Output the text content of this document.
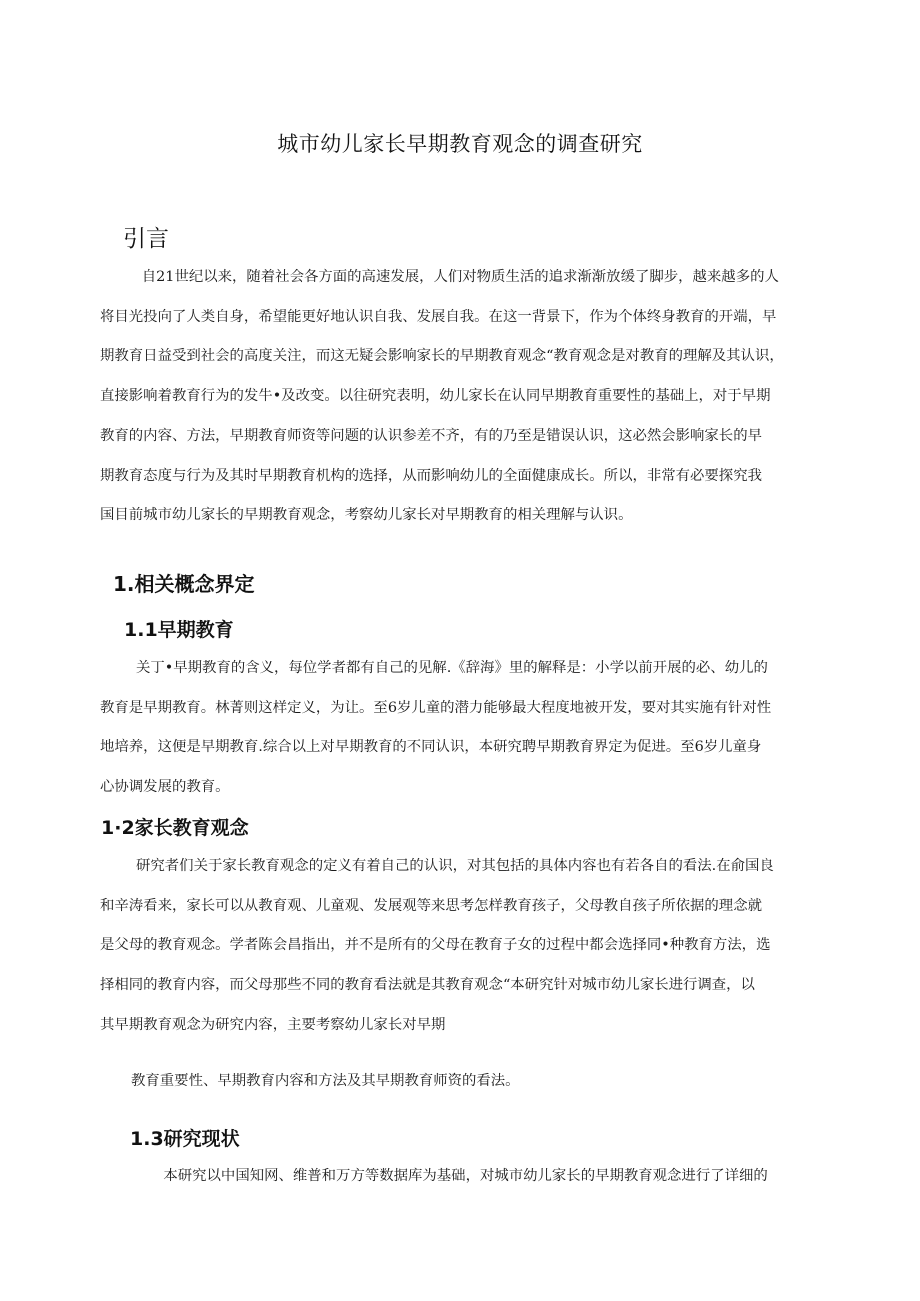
城市幼儿家长早期教育观念的调查研究
引言
自21世纪以来，随着社会各方面的高速发展，人们对物质生活的追求渐渐放缓了脚步，越来越多的人
将目光投向了人类自身，希望能更好地认识自我、发展自我。在这一背景下，作为个体终身教育的开端，早
期教育日益受到社会的高度关注，而这无疑会影响家长的早期教育观念“教育观念是对教育的理解及其认识，
直接影响着教育行为的发牛•及改变。以往研究表明，幼儿家长在认同早期教育重要性的基础上，对于早期
教育的内容、方法，早期教育师资等问题的认识参差不齐，有的乃至是错误认识，这必然会影响家长的早
期教育态度与行为及其时早期教育机构的选择，从而影响幼儿的全面健康成长。所以，非常有必要探究我
国目前城市幼儿家长的早期教育观念，考察幼儿家长对早期教育的相关理解与认识。
1.相关概念界定
1.1早期教育
关丁•早期教育的含义，每位学者都有自己的见解.《辞海》里的解释是：小学以前开展的必、幼儿的
教育是早期教育。林菁则这样定义，为让。至6岁儿童的潜力能够最大程度地被开发，要对其实施有针对性
地培养，这便是早期教育.综合以上对早期教育的不同认识，本研究聘早期教育界定为促进。至6岁儿童身
心协调发展的教育。
1·2家长教育观念
研究者们关于家长教育观念的定义有着自己的认识，对其包括的具体内容也有若各自的看法.在俞国良
和辛涛看来，家长可以从教育观、儿童观、发展观等来思考怎样教育孩子，父母教自孩子所依据的理念就
是父母的教育观念。学者陈会昌指出，并不是所有的父母在教育子女的过程中都会选择同•种教育方法，选
择相同的教育内容，而父母那些不同的教育看法就是其教育观念“本研究针对城市幼儿家长进行调查，以
其早期教育观念为研究内容，主要考察幼儿家长对早期
教育重要性、早期教育内容和方法及其早期教育师资的看法。
1.3研究现状
本研究以中国知网、维普和万方等数据库为基础，对城市幼儿家长的早期教育观念进行了详细的
